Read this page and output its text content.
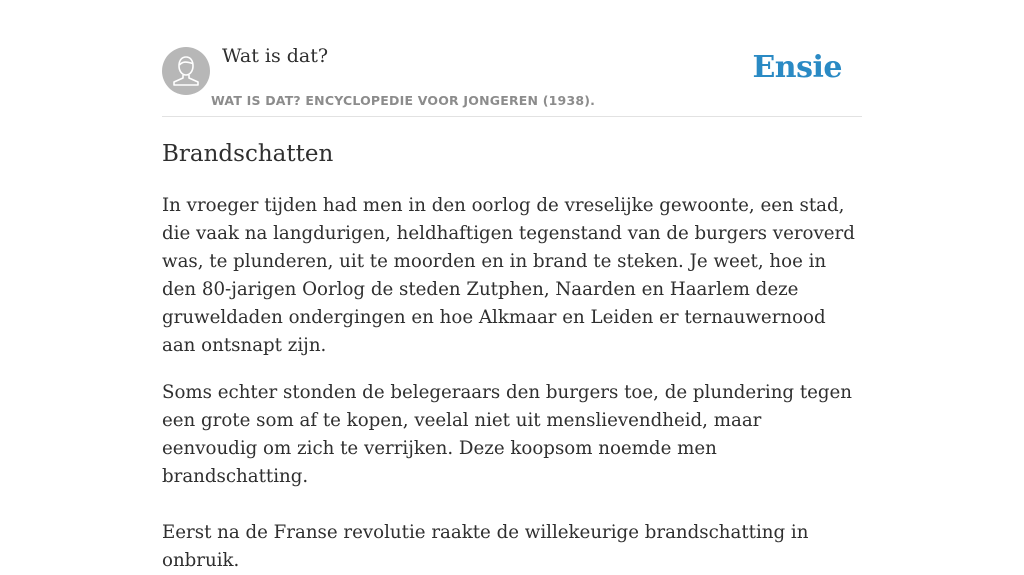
Wat is dat?
WAT IS DAT? ENCYCLOPEDIE VOOR JONGEREN (1938).
Ensie
Brandschatten

In vroeger tijden had men in den oorlog de vreselijke gewoonte, een stad, die vaak na langdurigen, heldhaftigen tegenstand van de burgers veroverd was, te plunderen, uit te moorden en in brand te steken. Je weet, hoe in den 80-jarigen Oorlog de steden Zutphen, Naarden en Haarlem deze gruweldaden ondergingen en hoe Alkmaar en Leiden er ternauwernood aan ontsnapt zijn.

Soms echter stonden de belegeraars den burgers toe, de plundering tegen een grote som af te kopen, veelal niet uit menslievendheid, maar eenvoudig om zich te verrijken. Deze koopsom noemde men brandschatting.

Eerst na de Franse revolutie raakte de willekeurige brandschatting in onbruik.
